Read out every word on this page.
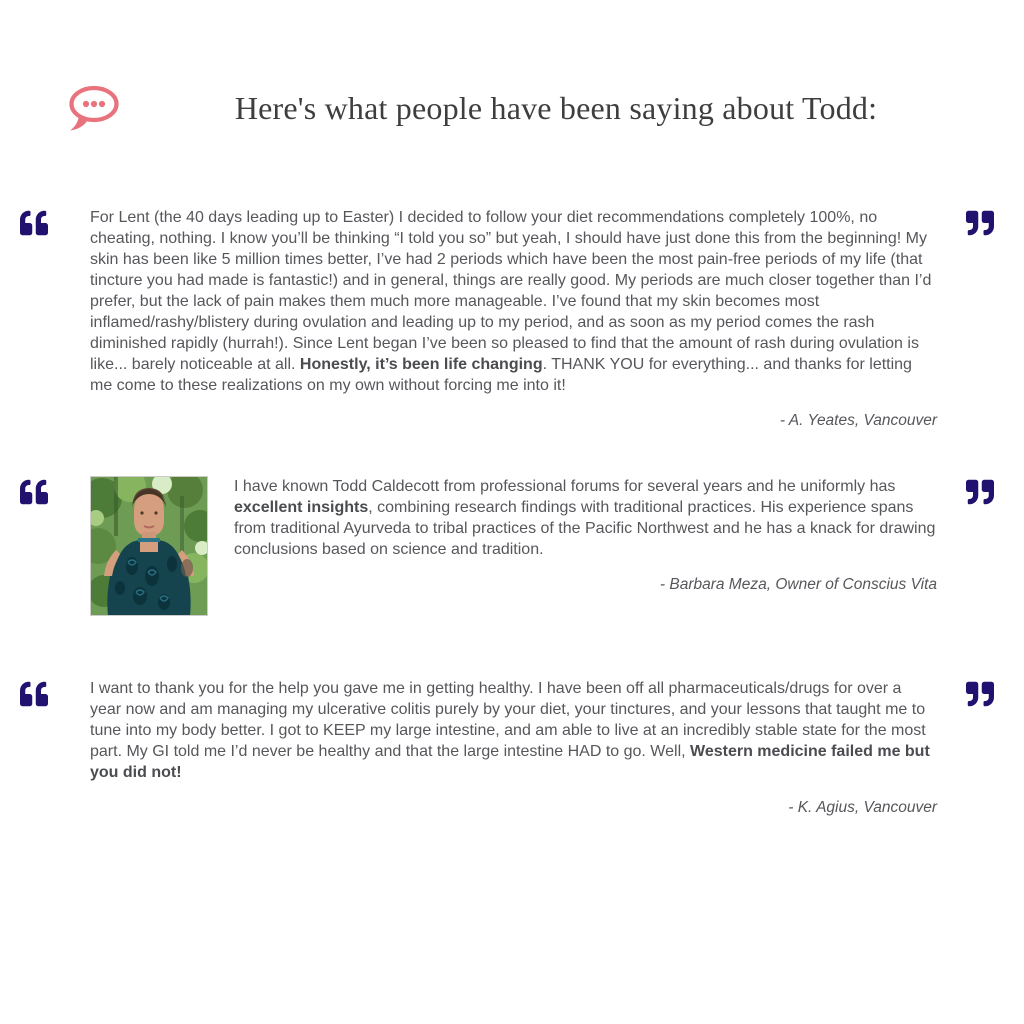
Here's what people have been saying about Todd:

For Lent (the 40 days leading up to Easter) I decided to follow your diet recommendations completely 100%, no cheating, nothing. I know you’ll be thinking “I told you so” but yeah, I should have just done this from the beginning! My skin has been like 5 million times better, I’ve had 2 periods which have been the most pain-free periods of my life (that tincture you had made is fantastic!) and in general, things are really good. My periods are much closer together than I’d prefer, but the lack of pain makes them much more manageable. I’ve found that my skin becomes most inflamed/rashy/blistery during ovulation and leading up to my period, and as soon as my period comes the rash diminished rapidly (hurrah!). Since Lent began I’ve been so pleased to find that the amount of rash during ovulation is like... barely noticeable at all. Honestly, it’s been life changing. THANK YOU for everything... and thanks for letting me come to these realizations on my own without forcing me into it!

- A. Yeates, Vancouver

I have known Todd Caldecott from professional forums for several years and he uniformly has excellent insights, combining research findings with traditional practices. His experience spans from traditional Ayurveda to tribal practices of the Pacific Northwest and he has a knack for drawing conclusions based on science and tradition.

- Barbara Meza, Owner of Conscius Vita

I want to thank you for the help you gave me in getting healthy. I have been off all pharmaceuticals/drugs for over a year now and am managing my ulcerative colitis purely by your diet, your tinctures, and your lessons that taught me to tune into my body better. I got to KEEP my large intestine, and am able to live at an incredibly stable state for the most part. My GI told me I’d never be healthy and that the large intestine HAD to go. Well, Western medicine failed me but you did not!

- K. Agius, Vancouver
